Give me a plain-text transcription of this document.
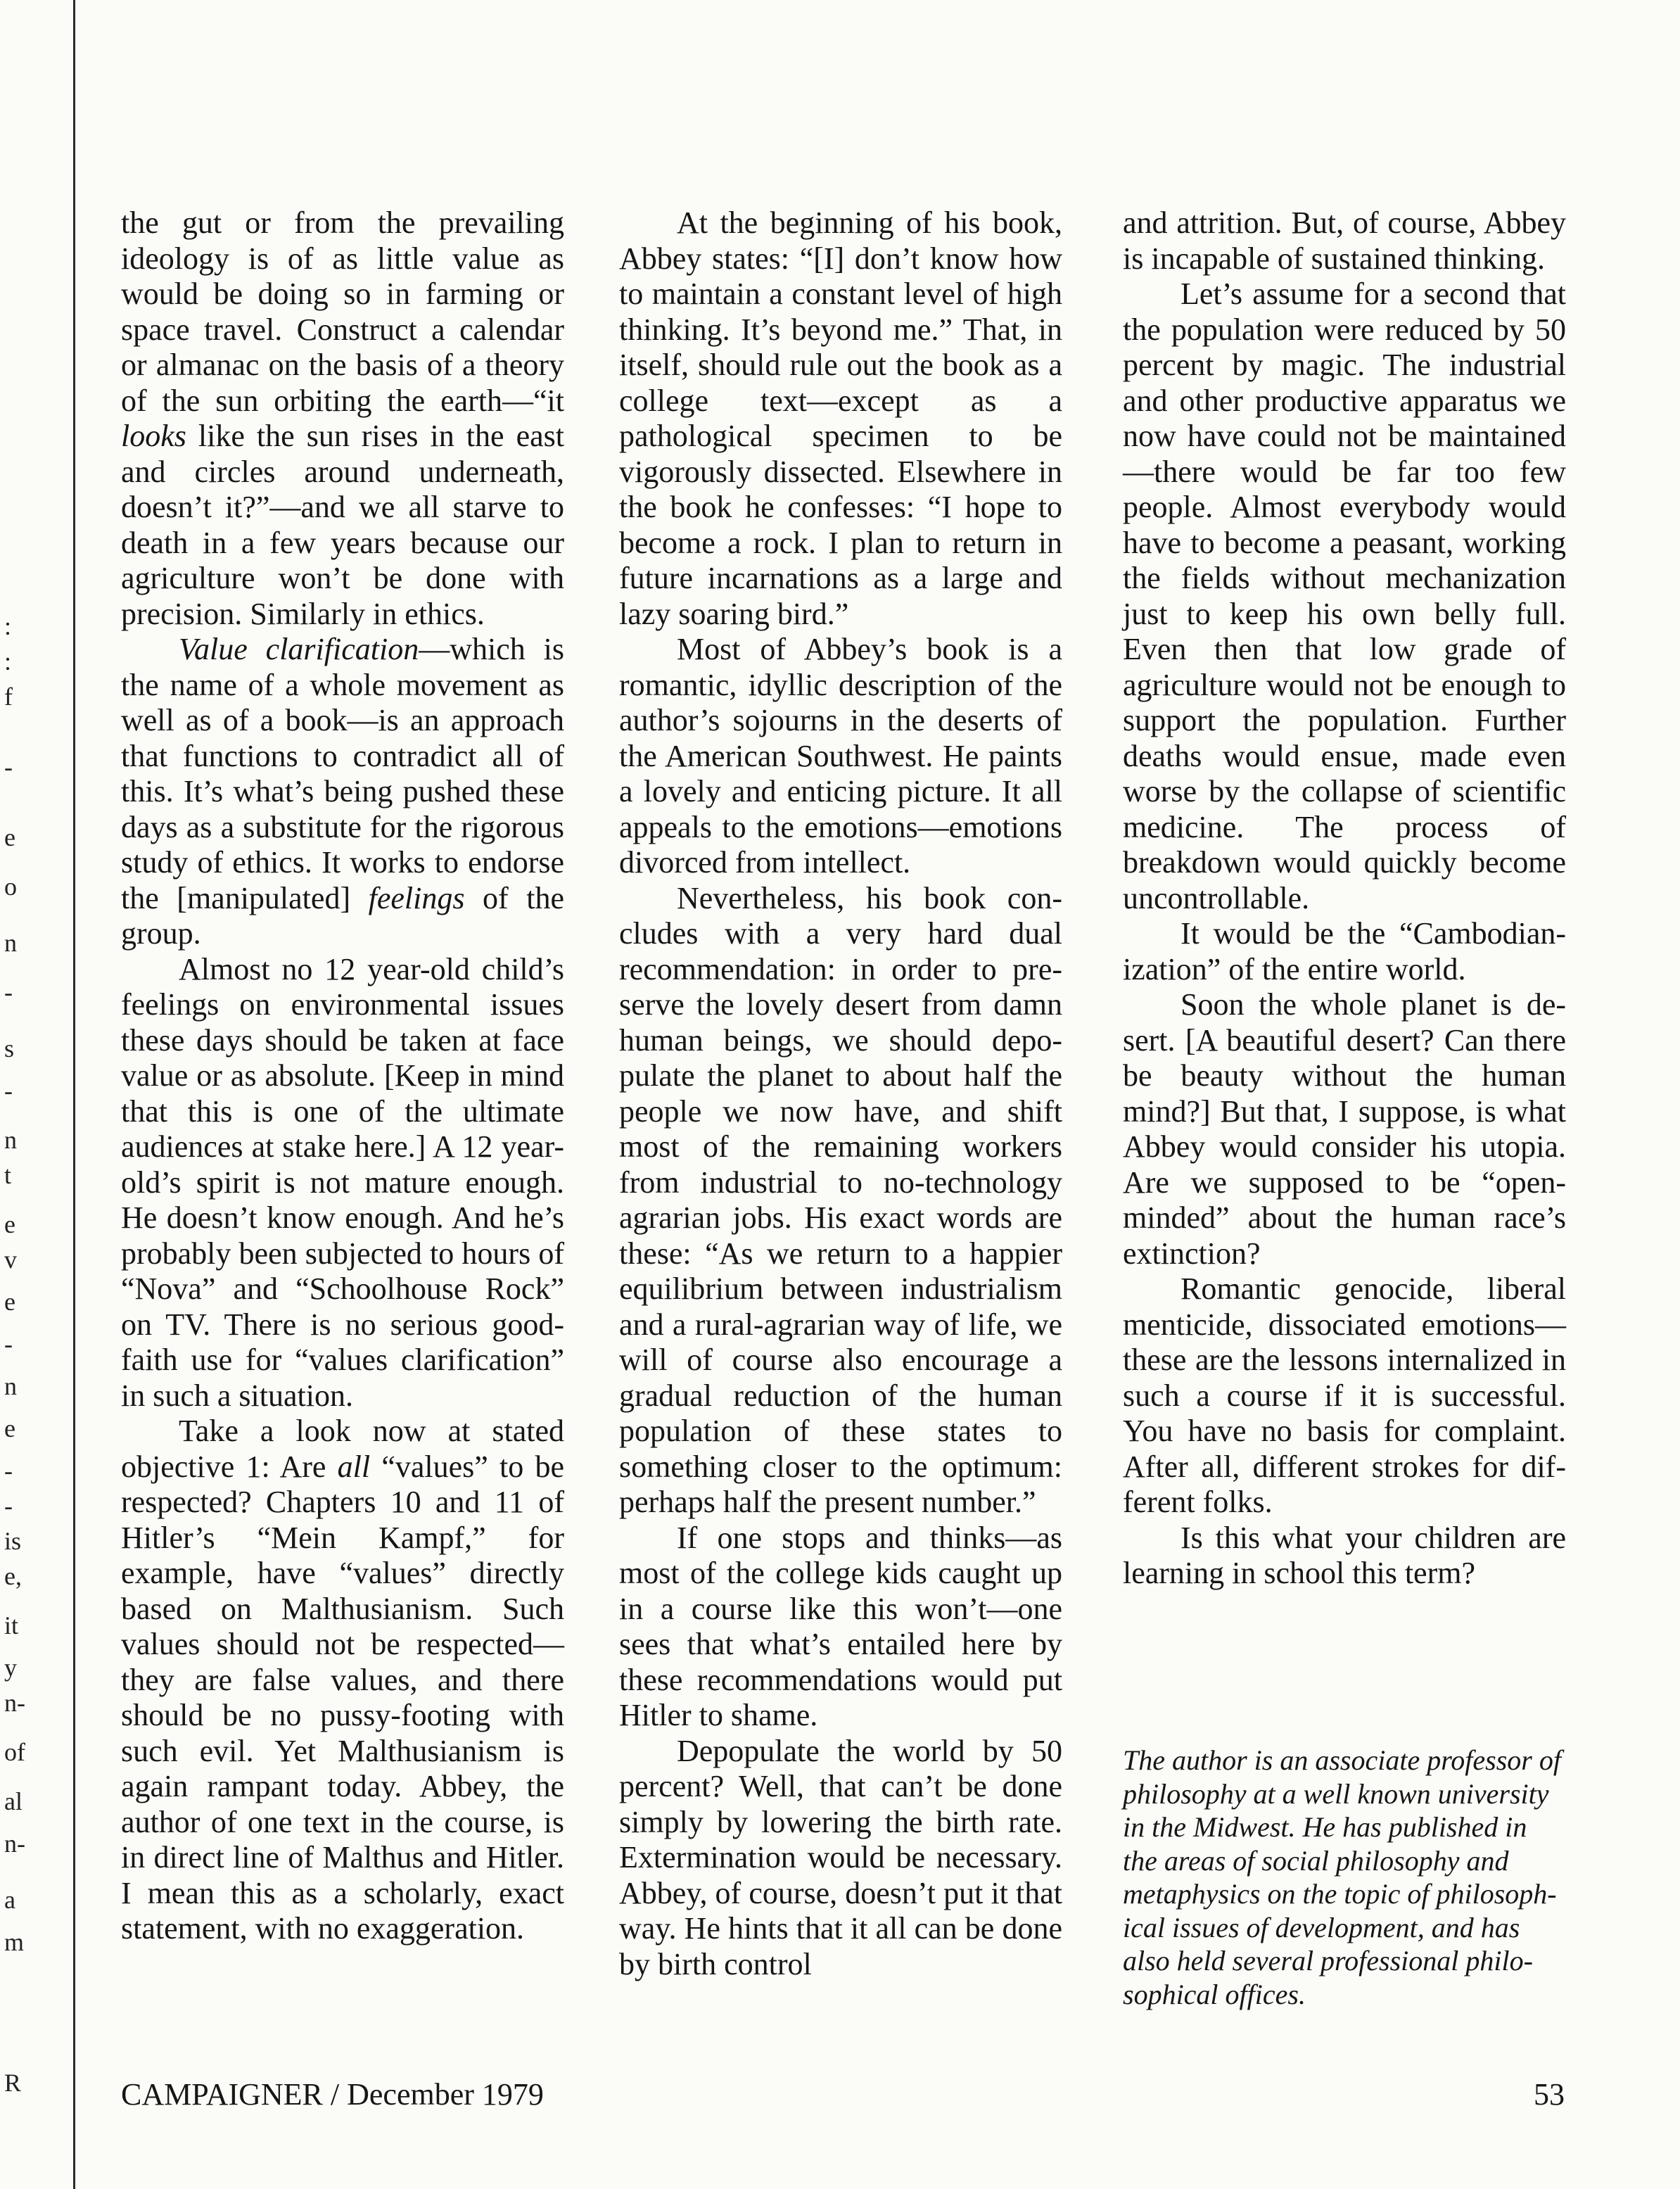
:
:
f
-
e
o
n
-
s
-
n
t
e
v
e
-
n
e
-
-
is
e,
it
y
n-
of
al
n-
a
m
R

the gut or from the prevailing ideology is of as little value as would be doing so in farming or space travel. Construct a calendar or almanac on the basis of a theory of the sun orbiting the earth—“it looks like the sun rises in the east and circles around underneath, doesn’t it?”—and we all starve to death in a few years because our agriculture won’t be done with precision. Similarly in ethics.

Value clarification—which is the name of a whole movement as well as of a book—is an approach that functions to contradict all of this. It’s what’s being pushed these days as a substitute for the rigorous study of ethics. It works to endorse the [manipulated] feelings of the group.

Almost no 12 year-old child’s feelings on environmental issues these days should be taken at face value or as absolute. [Keep in mind that this is one of the ultimate audiences at stake here.] A 12 year-old’s spirit is not mature enough. He doesn’t know enough. And he’s probably been subjected to hours of “Nova” and “Schoolhouse Rock” on TV. There is no serious good-faith use for “values clarification” in such a situation.

Take a look now at stated objective 1: Are all “values” to be respected? Chapters 10 and 11 of Hitler’s “Mein Kampf,” for example, have “values” directly based on Malthusianism. Such values should not be respected—they are false values, and there should be no pussy-footing with such evil. Yet Malthusianism is again rampant today. Abbey, the author of one text in the course, is in direct line of Malthus and Hitler. I mean this as a scholarly, exact statement, with no exaggeration.

At the beginning of his book, Abbey states: “[I] don’t know how to maintain a constant level of high thinking. It’s beyond me.” That, in itself, should rule out the book as a college text—except as a pathological specimen to be vigorously dissected. Elsewhere in the book he confesses: “I hope to become a rock. I plan to return in future incarnations as a large and lazy soaring bird.”

Most of Abbey’s book is a romantic, idyllic description of the author’s sojourns in the deserts of the American Southwest. He paints a lovely and enticing picture. It all appeals to the emotions—emotions divorced from intellect.

Nevertheless, his book concludes with a very hard dual recommendation: in order to preserve the lovely desert from damn human beings, we should depopulate the planet to about half the people we now have, and shift most of the remaining workers from industrial to no-technology agrarian jobs. His exact words are these: “As we return to a happier equilibrium between industrialism and a rural-agrarian way of life, we will of course also encourage a gradual reduction of the human population of these states to something closer to the optimum: perhaps half the present number.”

If one stops and thinks—as most of the college kids caught up in a course like this won’t—one sees that what’s entailed here by these recommendations would put Hitler to shame.

Depopulate the world by 50 percent? Well, that can’t be done simply by lowering the birth rate. Extermination would be necessary. Abbey, of course, doesn’t put it that way. He hints that it all can be done by birth control

and attrition. But, of course, Abbey is incapable of sustained thinking.

Let’s assume for a second that the population were reduced by 50 percent by magic. The industrial and other productive apparatus we now have could not be maintained—there would be far too few people. Almost everybody would have to become a peasant, working the fields without mechanization just to keep his own belly full. Even then that low grade of agriculture would not be enough to support the population. Further deaths would ensue, made even worse by the collapse of scientific medicine. The process of breakdown would quickly become uncontrollable.

It would be the “Cambodianization” of the entire world.

Soon the whole planet is desert. [A beautiful desert? Can there be beauty without the human mind?] But that, I suppose, is what Abbey would consider his utopia. Are we supposed to be “open-minded” about the human race’s extinction?

Romantic genocide, liberal menticide, dissociated emotions—these are the lessons internalized in such a course if it is successful. You have no basis for complaint. After all, different strokes for different folks.

Is this what your children are learning in school this term?

The author is an associate professor of philosophy at a well known university in the Midwest. He has published in the areas of social philosophy and metaphysics on the topic of philosophical issues of development, and has also held several professional philosophical offices.
CAMPAIGNER / December 1979	53
